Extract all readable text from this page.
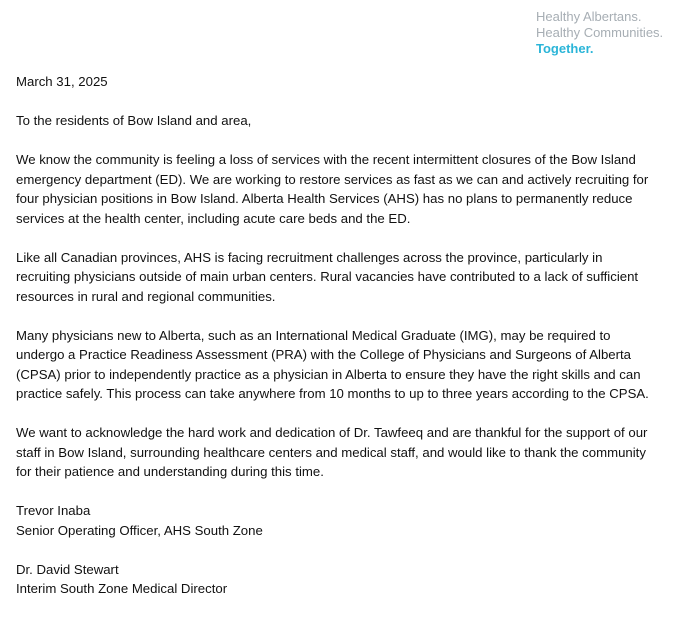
Healthy Albertans.
Healthy Communities.
Together.

March 31, 2025

To the residents of Bow Island and area,

We know the community is feeling a loss of services with the recent intermittent closures of the Bow Island emergency department (ED). We are working to restore services as fast as we can and actively recruiting for four physician positions in Bow Island. Alberta Health Services (AHS) has no plans to permanently reduce services at the health center, including acute care beds and the ED.

Like all Canadian provinces, AHS is facing recruitment challenges across the province, particularly in recruiting physicians outside of main urban centers. Rural vacancies have contributed to a lack of sufficient resources in rural and regional communities.

Many physicians new to Alberta, such as an International Medical Graduate (IMG), may be required to undergo a Practice Readiness Assessment (PRA) with the College of Physicians and Surgeons of Alberta (CPSA) prior to independently practice as a physician in Alberta to ensure they have the right skills and can practice safely. This process can take anywhere from 10 months to up to three years according to the CPSA.

We want to acknowledge the hard work and dedication of Dr. Tawfeeq and are thankful for the support of our staff in Bow Island, surrounding healthcare centers and medical staff, and would like to thank the community for their patience and understanding during this time.

Trevor Inaba
Senior Operating Officer, AHS South Zone
Dr. David Stewart
Interim South Zone Medical Director
